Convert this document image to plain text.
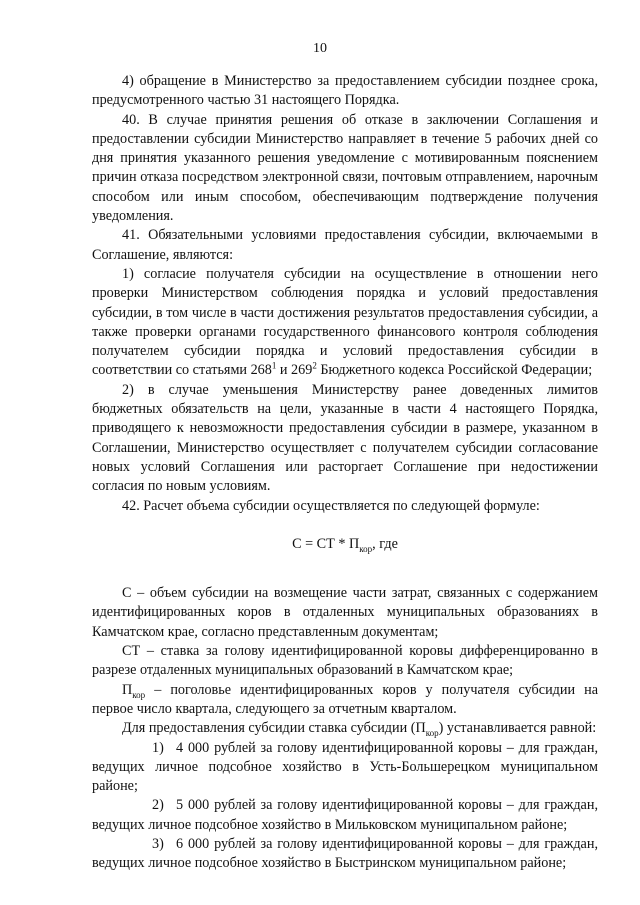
10

4) обращение в Министерство за предоставлением субсидии позднее срока, предусмотренного частью 31 настоящего Порядка.

40. В случае принятия решения об отказе в заключении Соглашения и предоставлении субсидии Министерство направляет в течение 5 рабочих дней со дня принятия указанного решения уведомление с мотивированным пояснением причин отказа посредством электронной связи, почтовым отправлением, нарочным способом или иным способом, обеспечивающим подтверждение получения уведомления.

41. Обязательными условиями предоставления субсидии, включаемыми в Соглашение, являются:

1) согласие получателя субсидии на осуществление в отношении него проверки Министерством соблюдения порядка и условий предоставления субсидии, в том числе в части достижения результатов предоставления субсидии, а также проверки органами государственного финансового контроля соблюдения получателем субсидии порядка и условий предоставления субсидии в соответствии со статьями $268^1$ и $269^2$ Бюджетного кодекса Российской Федерации;

2) в случае уменьшения Министерству ранее доведенных лимитов бюджетных обязательств на цели, указанные в части 4 настоящего Порядка, приводящего к невозможности предоставления субсидии в размере, указанном в Соглашении, Министерство осуществляет с получателем субсидии согласование новых условий Соглашения или расторгает Соглашение при недостижении согласия по новым условиям.

42. Расчет объема субсидии осуществляется по следующей формуле:

С = СТ * $П_{кор}$, где

С – объем субсидии на возмещение части затрат, связанных с содержанием идентифицированных коров в отдаленных муниципальных образованиях в Камчатском крае, согласно представленным документам;

СТ – ставка за голову идентифицированной коровы дифференцированно в разрезе отдаленных муниципальных образований в Камчатском крае;

$П_{кор}$ – поголовье идентифицированных коров у получателя субсидии на первое число квартала, следующего за отчетным кварталом.

Для предоставления субсидии ставка субсидии $(П_{кор})$ устанавливается равной:

1) 4 000 рублей за голову идентифицированной коровы – для граждан, ведущих личное подсобное хозяйство в Усть-Большерецком муниципальном районе;

2) 5 000 рублей за голову идентифицированной коровы – для граждан, ведущих личное подсобное хозяйство в Мильковском муниципальном районе;

3) 6 000 рублей за голову идентифицированной коровы – для граждан, ведущих личное подсобное хозяйство в Быстринском муниципальном районе;
